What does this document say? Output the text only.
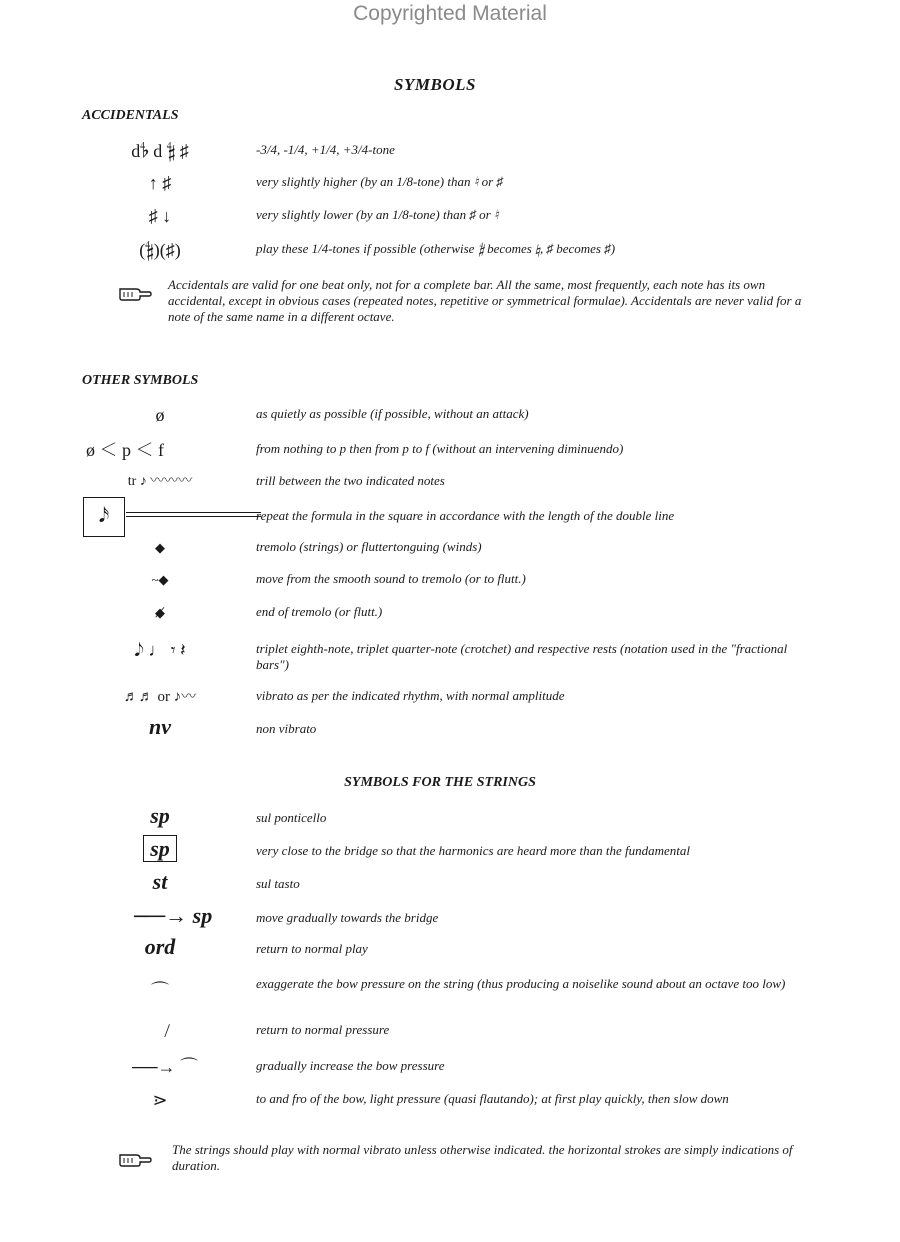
Copyrighted Material
SYMBOLS
ACCIDENTALS
d𝄳 d 𝄲 ♯	-3/4, -1/4, +1/4, +3/4-tone
↑ ♯	very slightly higher (by an 1/8-tone) than ♮ or ♯
♯ ↓	very slightly lower (by an 1/8-tone) than ♯ or ♮
(𝄲)(♯)	play these 1/4-tones if possible (otherwise 𝄲 becomes ♮, ♯ becomes ♯)
Accidentals are valid for one beat only, not for a complete bar. All the same, most frequently, each note has its own accidental, except in obvious cases (repeated notes, repetitive or symmetrical formulae). Accidentals are never valid for a note of the same name in a different octave.
OTHER SYMBOLS
ø	as quietly as possible (if possible, without an attack)
ø ＜ p ＜ f	from nothing to p then from p to f (without an intervening diminuendo)
tr ♪ 〰〰〰	trill between the two indicated notes
𝅘𝅥𝅯	repeat the formula in the square in accordance with the length of the double line
◆	tremolo (strings) or fluttertonguing (winds)
~◆	move from the smooth sound to tremolo (or to flutt.)
◆̸	end of tremolo (or flutt.)
𝅘𝅥𝅮 ♩ 𝄾 𝄽	triplet eighth-note, triplet quarter-note (crotchet) and respective rests (notation used in the "fractional bars")
♬♬ or ♪〰	vibrato as per the indicated rhythm, with normal amplitude
nv	non vibrato
SYMBOLS FOR THE STRINGS
sp	sul ponticello
sp	very close to the bridge so that the harmonics are heard more than the fundamental
st	sul tasto
──→ sp	move gradually towards the bridge
ord	return to normal play
⌒	exaggerate the bow pressure on the string (thus producing a noiselike sound about an octave too low)
⌒̸	return to normal pressure
──→ ⌒	gradually increase the bow pressure
⋗	to and fro of the bow, light pressure (quasi flautando); at first play quickly, then slow down
The strings should play with normal vibrato unless otherwise indicated. the horizontal strokes are simply indications of duration.
